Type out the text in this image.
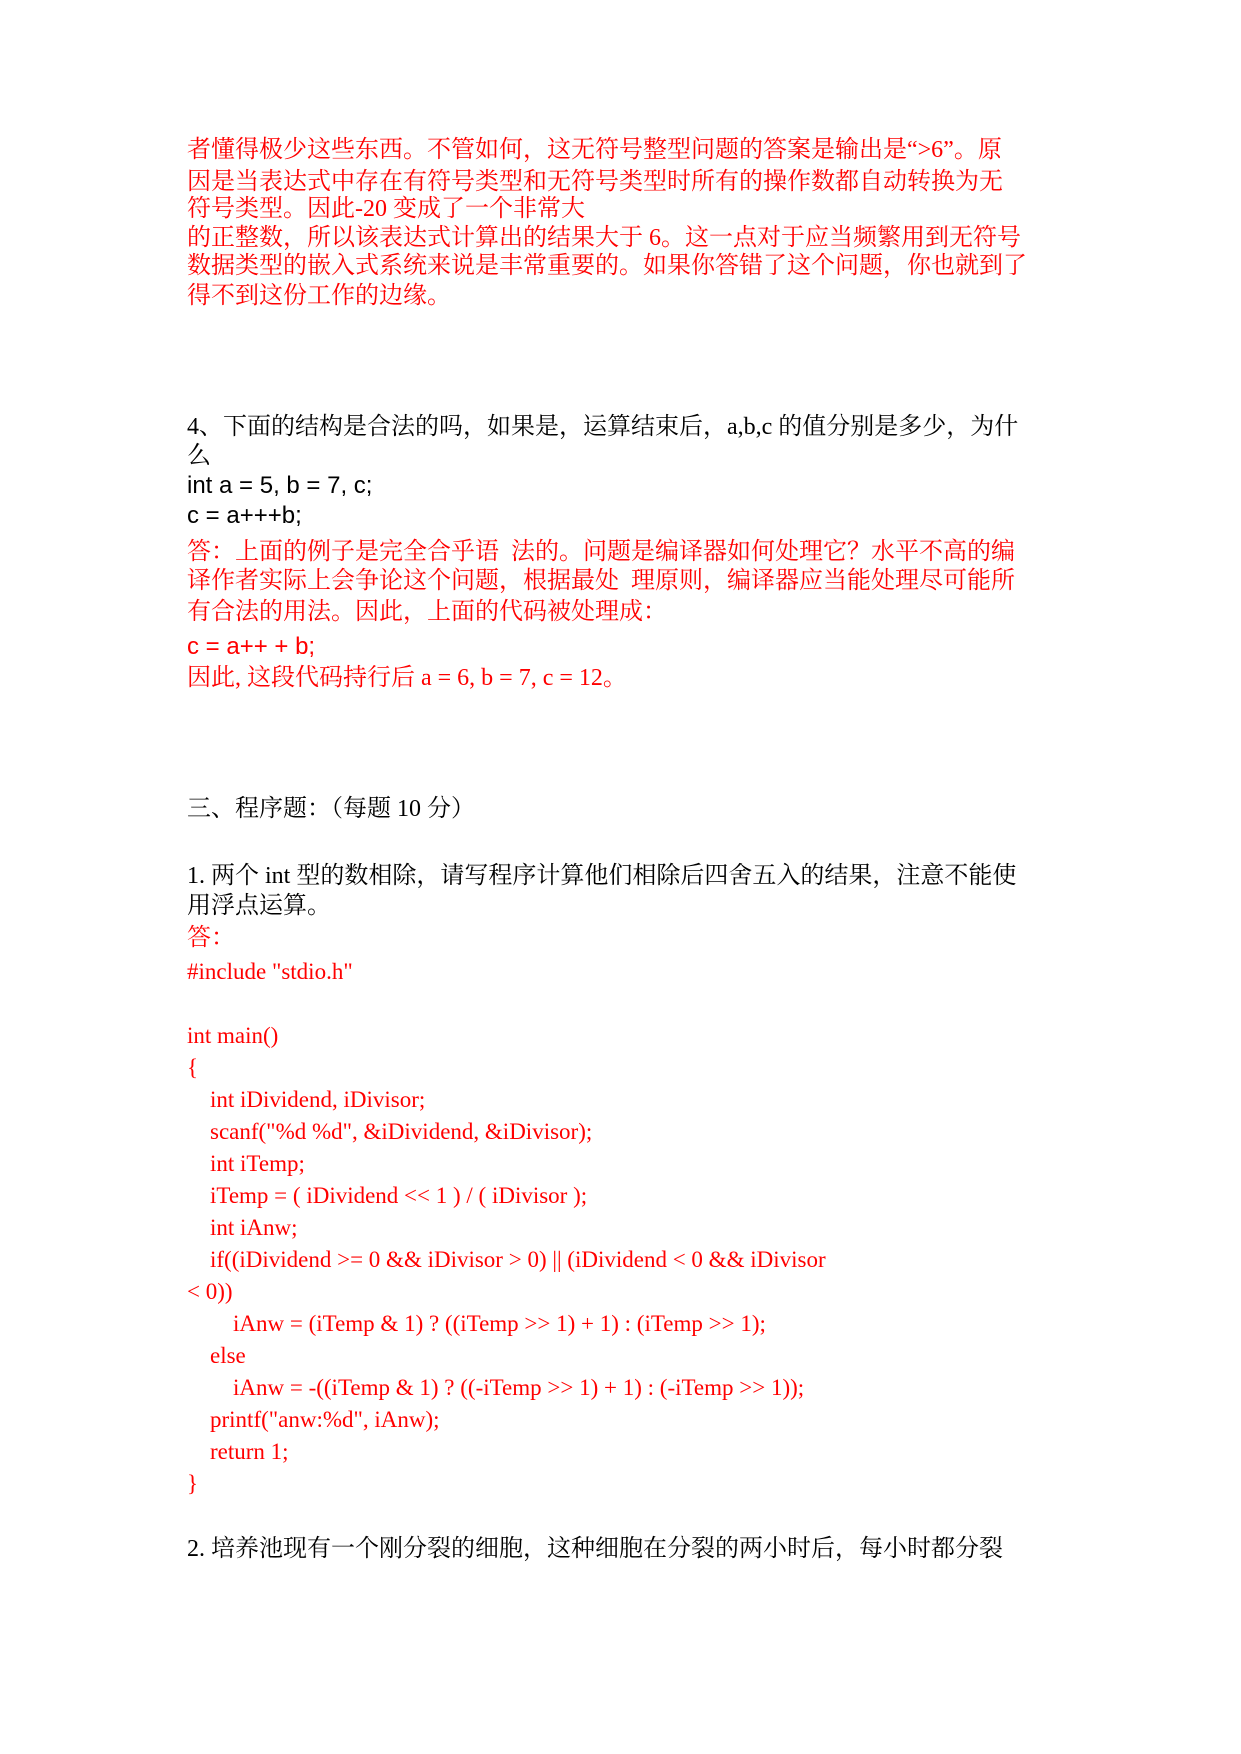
者懂得极少这些东西。不管如何，这无符号整型问题的答案是输出是“>6”。原
因是当表达式中存在有符号类型和无符号类型时所有的操作数都自动转换为无
符号类型。因此-20 变成了一个非常大
的正整数，所以该表达式计算出的结果大于 6。这一点对于应当频繁用到无符号
数据类型的嵌入式系统来说是丰常重要的。如果你答错了这个问题，你也就到了
得不到这份工作的边缘。
4、下面的结构是合法的吗，如果是，运算结束后，a,b,c 的值分别是多少，为什
么
int a = 5, b = 7, c;
c = a+++b;
答：上面的例子是完全合乎语  法的。问题是编译器如何处理它？水平不高的编
译作者实际上会争论这个问题，根据最处  理原则，编译器应当能处理尽可能所
有合法的用法。因此，上面的代码被处理成：
c = a++ + b;
因此, 这段代码持行后 a = 6, b = 7, c = 12。
三、程序题：（每题 10 分）
1. 两个 int 型的数相除，请写程序计算他们相除后四舍五入的结果，注意不能使
用浮点运算。
答：
#include "stdio.h"
int main()
{
int iDividend, iDivisor;
scanf("%d %d", &iDividend, &iDivisor);
int iTemp;
iTemp = ( iDividend << 1 ) / ( iDivisor );
int iAnw;
if((iDividend >= 0 && iDivisor > 0) || (iDividend < 0 && iDivisor
< 0))
iAnw = (iTemp & 1) ? ((iTemp >> 1) + 1) : (iTemp >> 1);
else
iAnw = -((iTemp & 1) ? ((-iTemp >> 1) + 1) : (-iTemp >> 1));
printf("anw:%d", iAnw);
return 1;
}
2. 培养池现有一个刚分裂的细胞，这种细胞在分裂的两小时后，每小时都分裂
